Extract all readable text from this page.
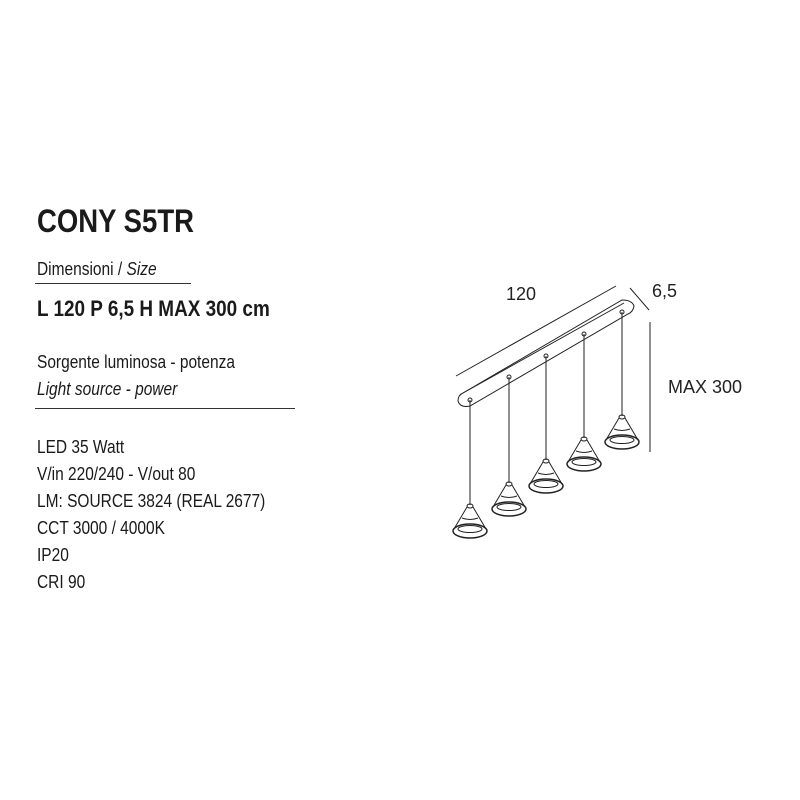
CONY S5TR
Dimensioni / Size
L 120 P 6,5 H MAX 300 cm
Sorgente luminosa - potenza
Light source - power
LED 35 Watt
V/in 220/240 - V/out 80
LM: SOURCE 3824 (REAL 2677)
CCT 3000 / 4000K
IP20
CRI 90
120	6,5
MAX 300
